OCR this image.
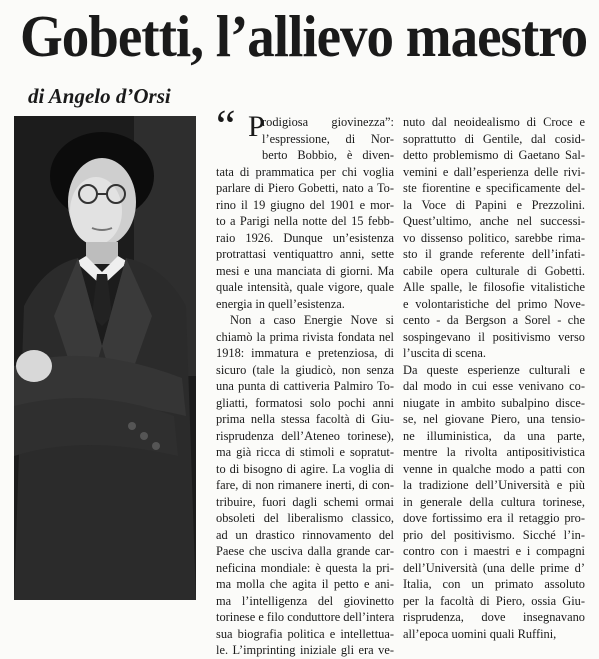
Gobetti, l’allievo maestro
di Angelo d’Orsi
“ P
rodigiosa giovinezza”:
l’espressione, di Nor-
berto Bobbio, è diven-
tata di prammatica per chi voglia
parlare di Piero Gobetti, nato a To-
rino il 19 giugno del 1901 e mor-
to a Parigi nella notte del 15 febb-
raio 1926. Dunque un’esistenza
protrattasi ventiquattro anni, sette
mesi e una manciata di giorni. Ma
quale intensità, quale vigore, quale
energia in quell’esistenza.
Non a caso Energie Nove si
chiamò la prima rivista fondata nel
1918: immatura e pretenziosa, di
sicuro (tale la giudicò, non senza
una punta di cattiveria Palmiro To-
gliatti, formatosi solo pochi anni
prima nella stessa facoltà di Giu-
risprudenza dell’Ateneo torinese),
ma già ricca di stimoli e sopratut-
to di bisogno di agire. La voglia di
fare, di non rimanere inerti, di con-
tribuire, fuori dagli schemi ormai
obsoleti del liberalismo classico,
ad un drastico rinnovamento del
Paese che usciva dalla grande car-
neficina mondiale: è questa la pri-
ma molla che agita il petto e ani-
ma l’intelligenza del giovinetto
torinese e filo conduttore dell’intera
sua biografia politica e intellettua-
le. L’imprinting iniziale gli era ve-
nuto dal neoidealismo di Croce e
soprattutto di Gentile, dal cosid-
detto problemismo di Gaetano Sal-
vemini e dall’esperienza delle rivi-
ste fiorentine e specificamente del-
la Voce di Papini e Prezzolini.
Quest’ultimo, anche nel successi-
vo dissenso politico, sarebbe rima-
sto il grande referente dell’infati-
cabile opera culturale di Gobetti.
Alle spalle, le filosofie vitalistiche
e volontaristiche del primo Nove-
cento - da Bergson a Sorel - che
sospingevano il positivismo verso
l’uscita di scena.
Da queste esperienze culturali e
dal modo in cui esse venivano co-
niugate in ambito subalpino disce-
se, nel giovane Piero, una tensio-
ne illuministica, da una parte,
mentre la rivolta antipositivistica
venne in qualche modo a patti con
la tradizione dell’Università e più
in generale della cultura torinese,
dove fortissimo era il retaggio pro-
prio del positivismo. Sicché l’in-
contro con i maestri e i compagni
dell’Università (una delle prime d’
Italia, con un primato assoluto
per la facoltà di Piero, ossia Giu-
risprudenza, dove insegnavano
all’epoca uomini quali Ruffini,
